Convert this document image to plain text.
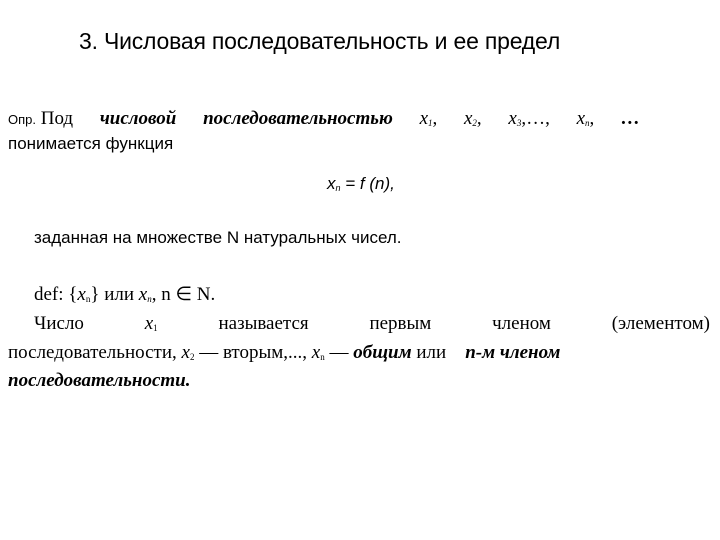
3. Числовая последовательность и ее предел
Опр. Под числовой последовательностью $x_1$, $x_2$, $x_3,\dots$, $x_n$, …
понимается функция
$x_n = f$ (n),
заданная на множестве N натуральных чисел.
def: $\{x_n\}$ или $x_n$, n ∈ N.
Число	$x_1$	называется	первым	членом	(элементом)
последовательности, $x_2$ — вторым,..., $x_n$ — общим или    n-м членом
последовательности.
